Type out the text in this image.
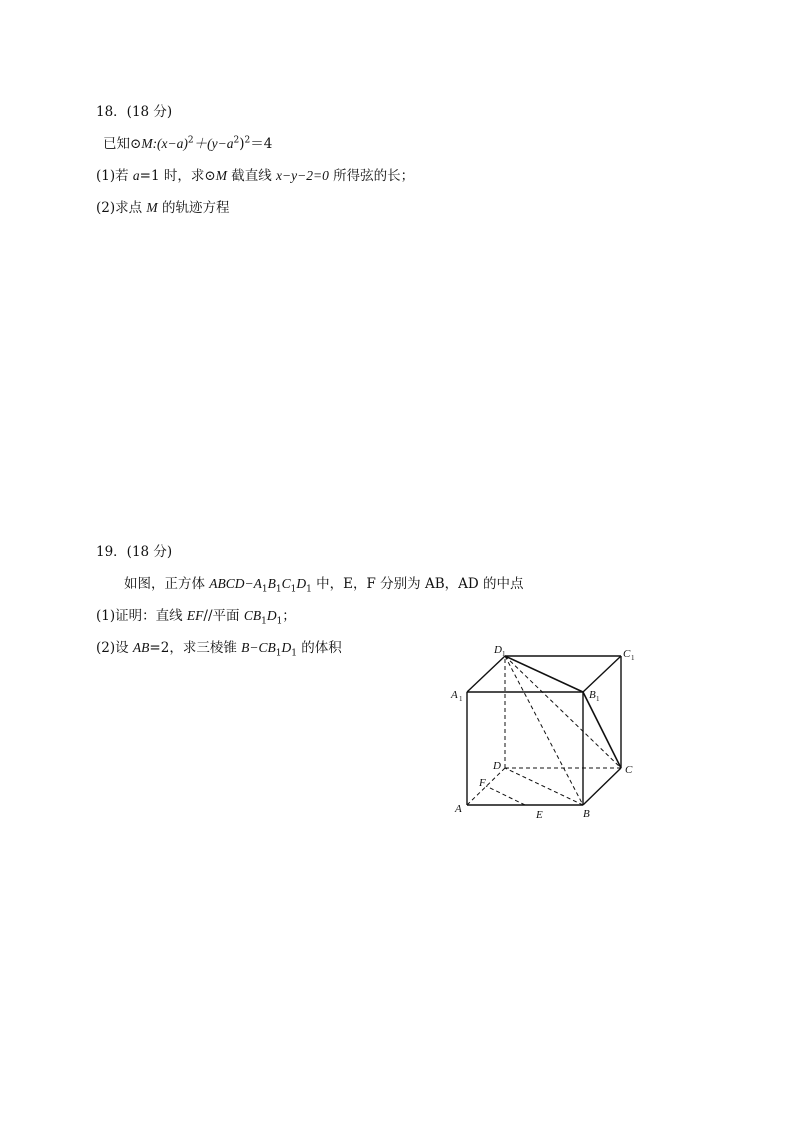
18．(18 分)
已知$⊙M:(x-a)^2+(y-a^2)^2=4$
(1)若 a=1 时，求⊙M 截直线 x−y−2=0 所得弦的长；
(2)求点 M 的轨迹方程
19．(18 分)
如图，正方体 $ABCD-A_1B_1C_1D_1$ 中，E，F 分别为 AB，AD 的中点
(1)证明：直线 EF//平面 $CB_1D_1$；
(2)设 AB=2，求三棱锥 $B-CB_1D_1$ 的体积
A	B
C
D
E
F
A 1	B 1
C 1
D 1
